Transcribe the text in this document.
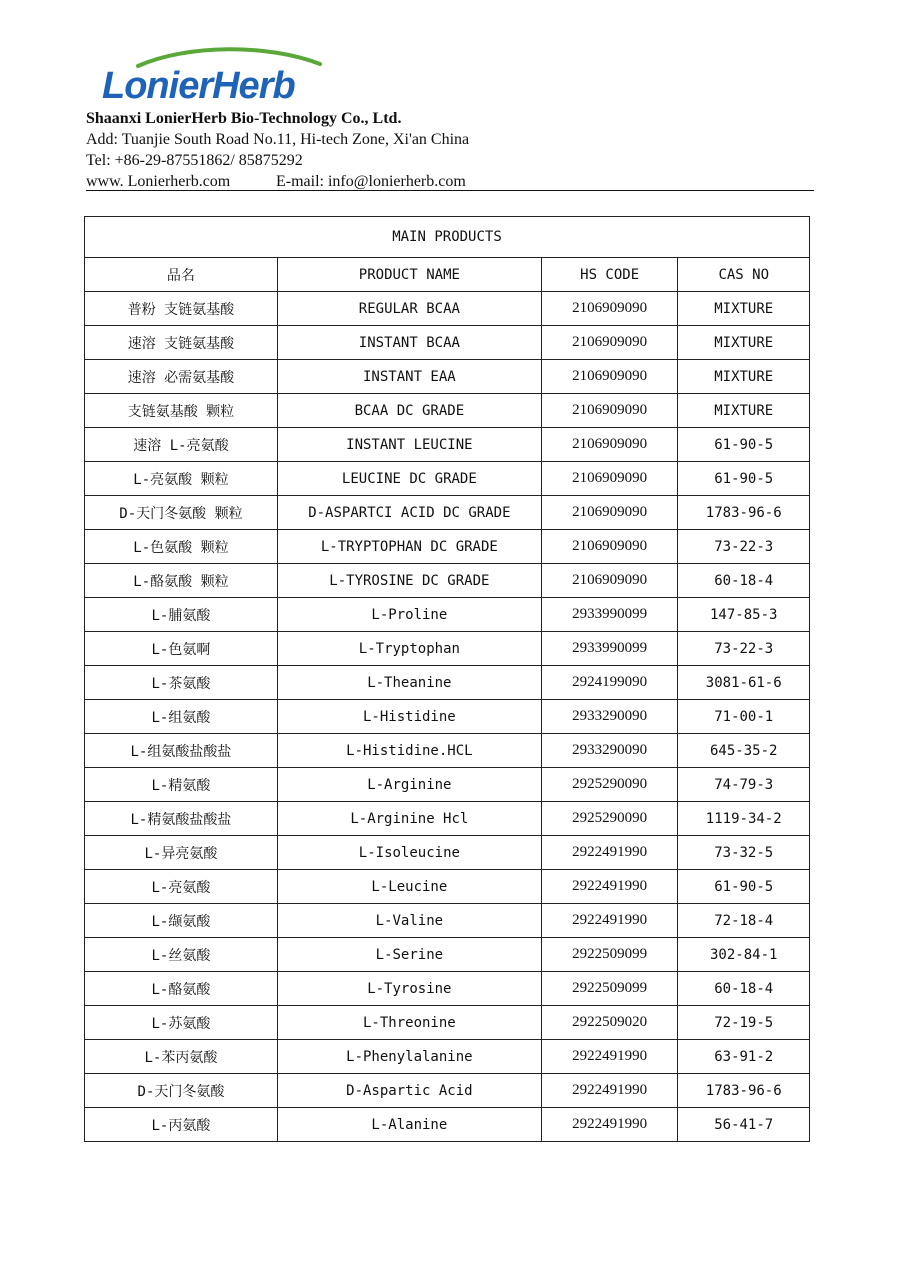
LonierHerb
Shaanxi LonierHerb Bio-Technology Co., Ltd.
Add: Tuanjie South Road No.11, Hi-tech Zone, Xi'an China
Tel: +86-29-87551862/ 85875292
www. Lonierherb.com	E-mail: info@lonierherb.com
MAIN PRODUCTS			
品名	PRODUCT NAME	HS CODE	CAS NO
普粉 支链氨基酸	REGULAR BCAA	2106909090	MIXTURE
速溶 支链氨基酸	INSTANT BCAA	2106909090	MIXTURE
速溶 必需氨基酸	INSTANT EAA	2106909090	MIXTURE
支链氨基酸 颗粒	BCAA DC GRADE	2106909090	MIXTURE
速溶 L-亮氨酸	INSTANT LEUCINE	2106909090	61-90-5
L-亮氨酸 颗粒	LEUCINE DC GRADE	2106909090	61-90-5
D-天门冬氨酸 颗粒	D-ASPARTCI ACID DC GRADE	2106909090	1783-96-6
L-色氨酸 颗粒	L-TRYPTOPHAN DC GRADE	2106909090	73-22-3
L-酪氨酸 颗粒	L-TYROSINE DC GRADE	2106909090	60-18-4
L-脯氨酸	L-Proline	2933990099	147-85-3
L-色氨啊	L-Tryptophan	2933990099	73-22-3
L-茶氨酸	L-Theanine	2924199090	3081-61-6
L-组氨酸	L-Histidine	2933290090	71-00-1
L-组氨酸盐酸盐	L-Histidine.HCL	2933290090	645-35-2
L-精氨酸	L-Arginine	2925290090	74-79-3
L-精氨酸盐酸盐	L-Arginine Hcl	2925290090	1119-34-2
L-异亮氨酸	L-Isoleucine	2922491990	73-32-5
L-亮氨酸	L-Leucine	2922491990	61-90-5
L-缬氨酸	L-Valine	2922491990	72-18-4
L-丝氨酸	L-Serine	2922509099	302-84-1
L-酪氨酸	L-Tyrosine	2922509099	60-18-4
L-苏氨酸	L-Threonine	2922509020	72-19-5
L-苯丙氨酸	L-Phenylalanine	2922491990	63-91-2
D-天门冬氨酸	D-Aspartic Acid	2922491990	1783-96-6
L-丙氨酸	L-Alanine	2922491990	56-41-7
